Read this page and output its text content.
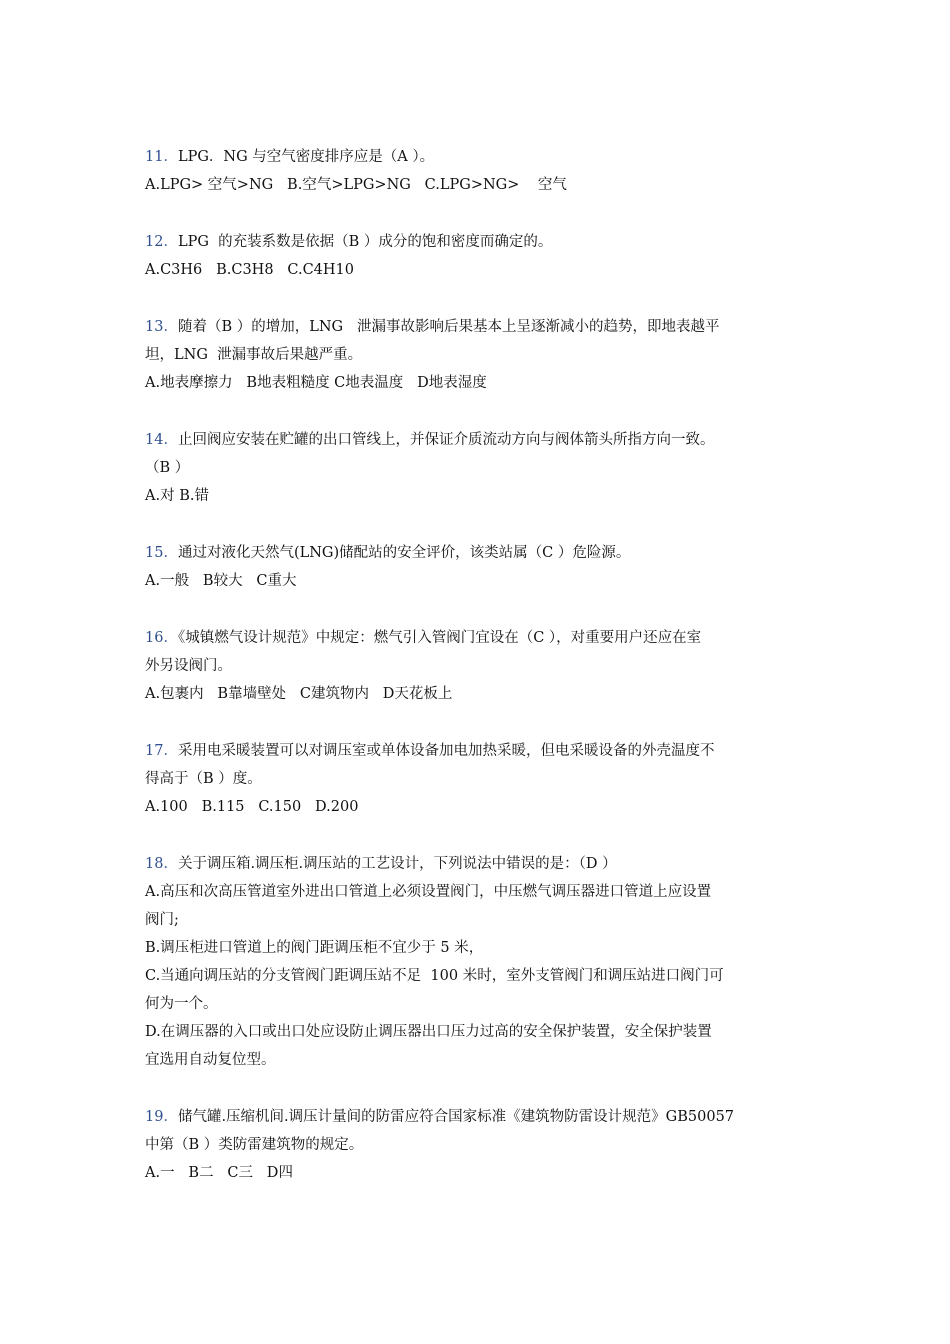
11．LPG．NG 与空气密度排序应是（A ）。
A.LPG> 空气>NG   B.空气>LPG>NG   C.LPG>NG>    空气
12．LPG  的充装系数是依据（B ）成分的饱和密度而确定的。
A.C3H6   B.C3H8   C.C4H10
13．随着（B ）的增加，LNG   泄漏事故影响后果基本上呈逐渐减小的趋势，即地表越平
坦，LNG  泄漏事故后果越严重。
A.地表摩擦力   B地表粗糙度 C地表温度   D地表湿度
14．止回阀应安装在贮罐的出口管线上，并保证介质流动方向与阀体箭头所指方向一致。
（B ）
A.对 B.错
15．通过对液化天然气(LNG)储配站的安全评价，该类站属（C ）危险源。
A.一般   B较大   C重大
16．《城镇燃气设计规范》中规定：燃气引入管阀门宜设在（C ），对重要用户还应在室
外另设阀门。
A.包裹内   B靠墙壁处   C建筑物内   D天花板上
17．采用电采暖装置可以对调压室或单体设备加电加热采暖，但电采暖设备的外壳温度不
得高于（B ）度。
A.100   B.115   C.150   D.200
18．关于调压箱.调压柜.调压站的工艺设计，下列说法中错误的是：（D ）
A.高压和次高压管道室外进出口管道上必须设置阀门，中压燃气调压器进口管道上应设置
阀门;
B.调压柜进口管道上的阀门距调压柜不宜少于 5 米，
C.当通向调压站的分支管阀门距调压站不足  100 米时，室外支管阀门和调压站进口阀门可
何为一个。
D.在调压器的入口或出口处应设防止调压器出口压力过高的安全保护装置，安全保护装置
宜选用自动复位型。
19．储气罐.压缩机间.调压计量间的防雷应符合国家标准《建筑物防雷设计规范》GB50057
中第（B ）类防雷建筑物的规定。
A.一   B二   C三   D四
